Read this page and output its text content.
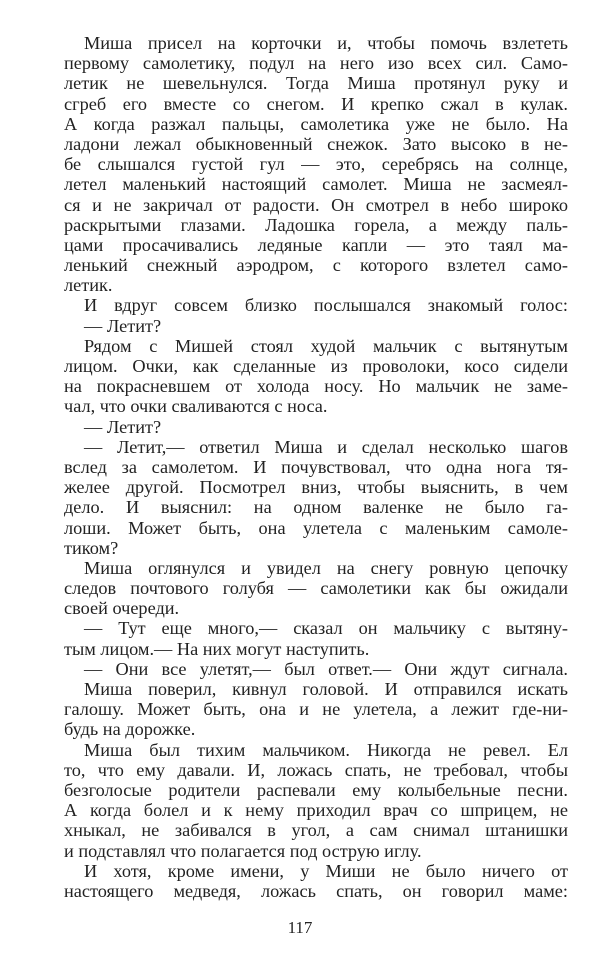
Миша присел на корточки и, чтобы помочь взлететь
первому самолетику, подул на него изо всех сил. Само-
летик не шевельнулся. Тогда Миша протянул руку и
сгреб его вместе со снегом. И крепко сжал в кулак.
А когда разжал пальцы, самолетика уже не было. На
ладони лежал обыкновенный снежок. Зато высоко в не-
бе слышался густой гул — это, серебрясь на солнце,
летел маленький настоящий самолет. Миша не засмеял-
ся и не закричал от радости. Он смотрел в небо широко
раскрытыми глазами. Ладошка горела, а между паль-
цами просачивались ледяные капли — это таял ма-
ленький снежный аэродром, с которого взлетел само-
летик.
И вдруг совсем близко послышался знакомый голос:
— Летит?
Рядом с Мишей стоял худой мальчик с вытянутым
лицом. Очки, как сделанные из проволоки, косо сидели
на покрасневшем от холода носу. Но мальчик не заме-
чал, что очки сваливаются с носа.
— Летит?
— Летит,— ответил Миша и сделал несколько шагов
вслед за самолетом. И почувствовал, что одна нога тя-
желее другой. Посмотрел вниз, чтобы выяснить, в чем
дело. И выяснил: на одном валенке не было га-
лоши. Может быть, она улетела с маленьким самоле-
тиком?
Миша оглянулся и увидел на снегу ровную цепочку
следов почтового голубя — самолетики как бы ожидали
своей очереди.
— Тут еще много,— сказал он мальчику с вытяну-
тым лицом.— На них могут наступить.
— Они все улетят,— был ответ.— Они ждут сигнала.
Миша поверил, кивнул головой. И отправился искать
галошу. Может быть, она и не улетела, а лежит где-ни-
будь на дорожке.
Миша был тихим мальчиком. Никогда не ревел. Ел
то, что ему давали. И, ложась спать, не требовал, чтобы
безголосые родители распевали ему колыбельные песни.
А когда болел и к нему приходил врач со шприцем, не
хныкал, не забивался в угол, а сам снимал штанишки
и подставлял что полагается под острую иглу.
И хотя, кроме имени, у Миши не было ничего от
настоящего медведя, ложась спать, он говорил маме:
117
